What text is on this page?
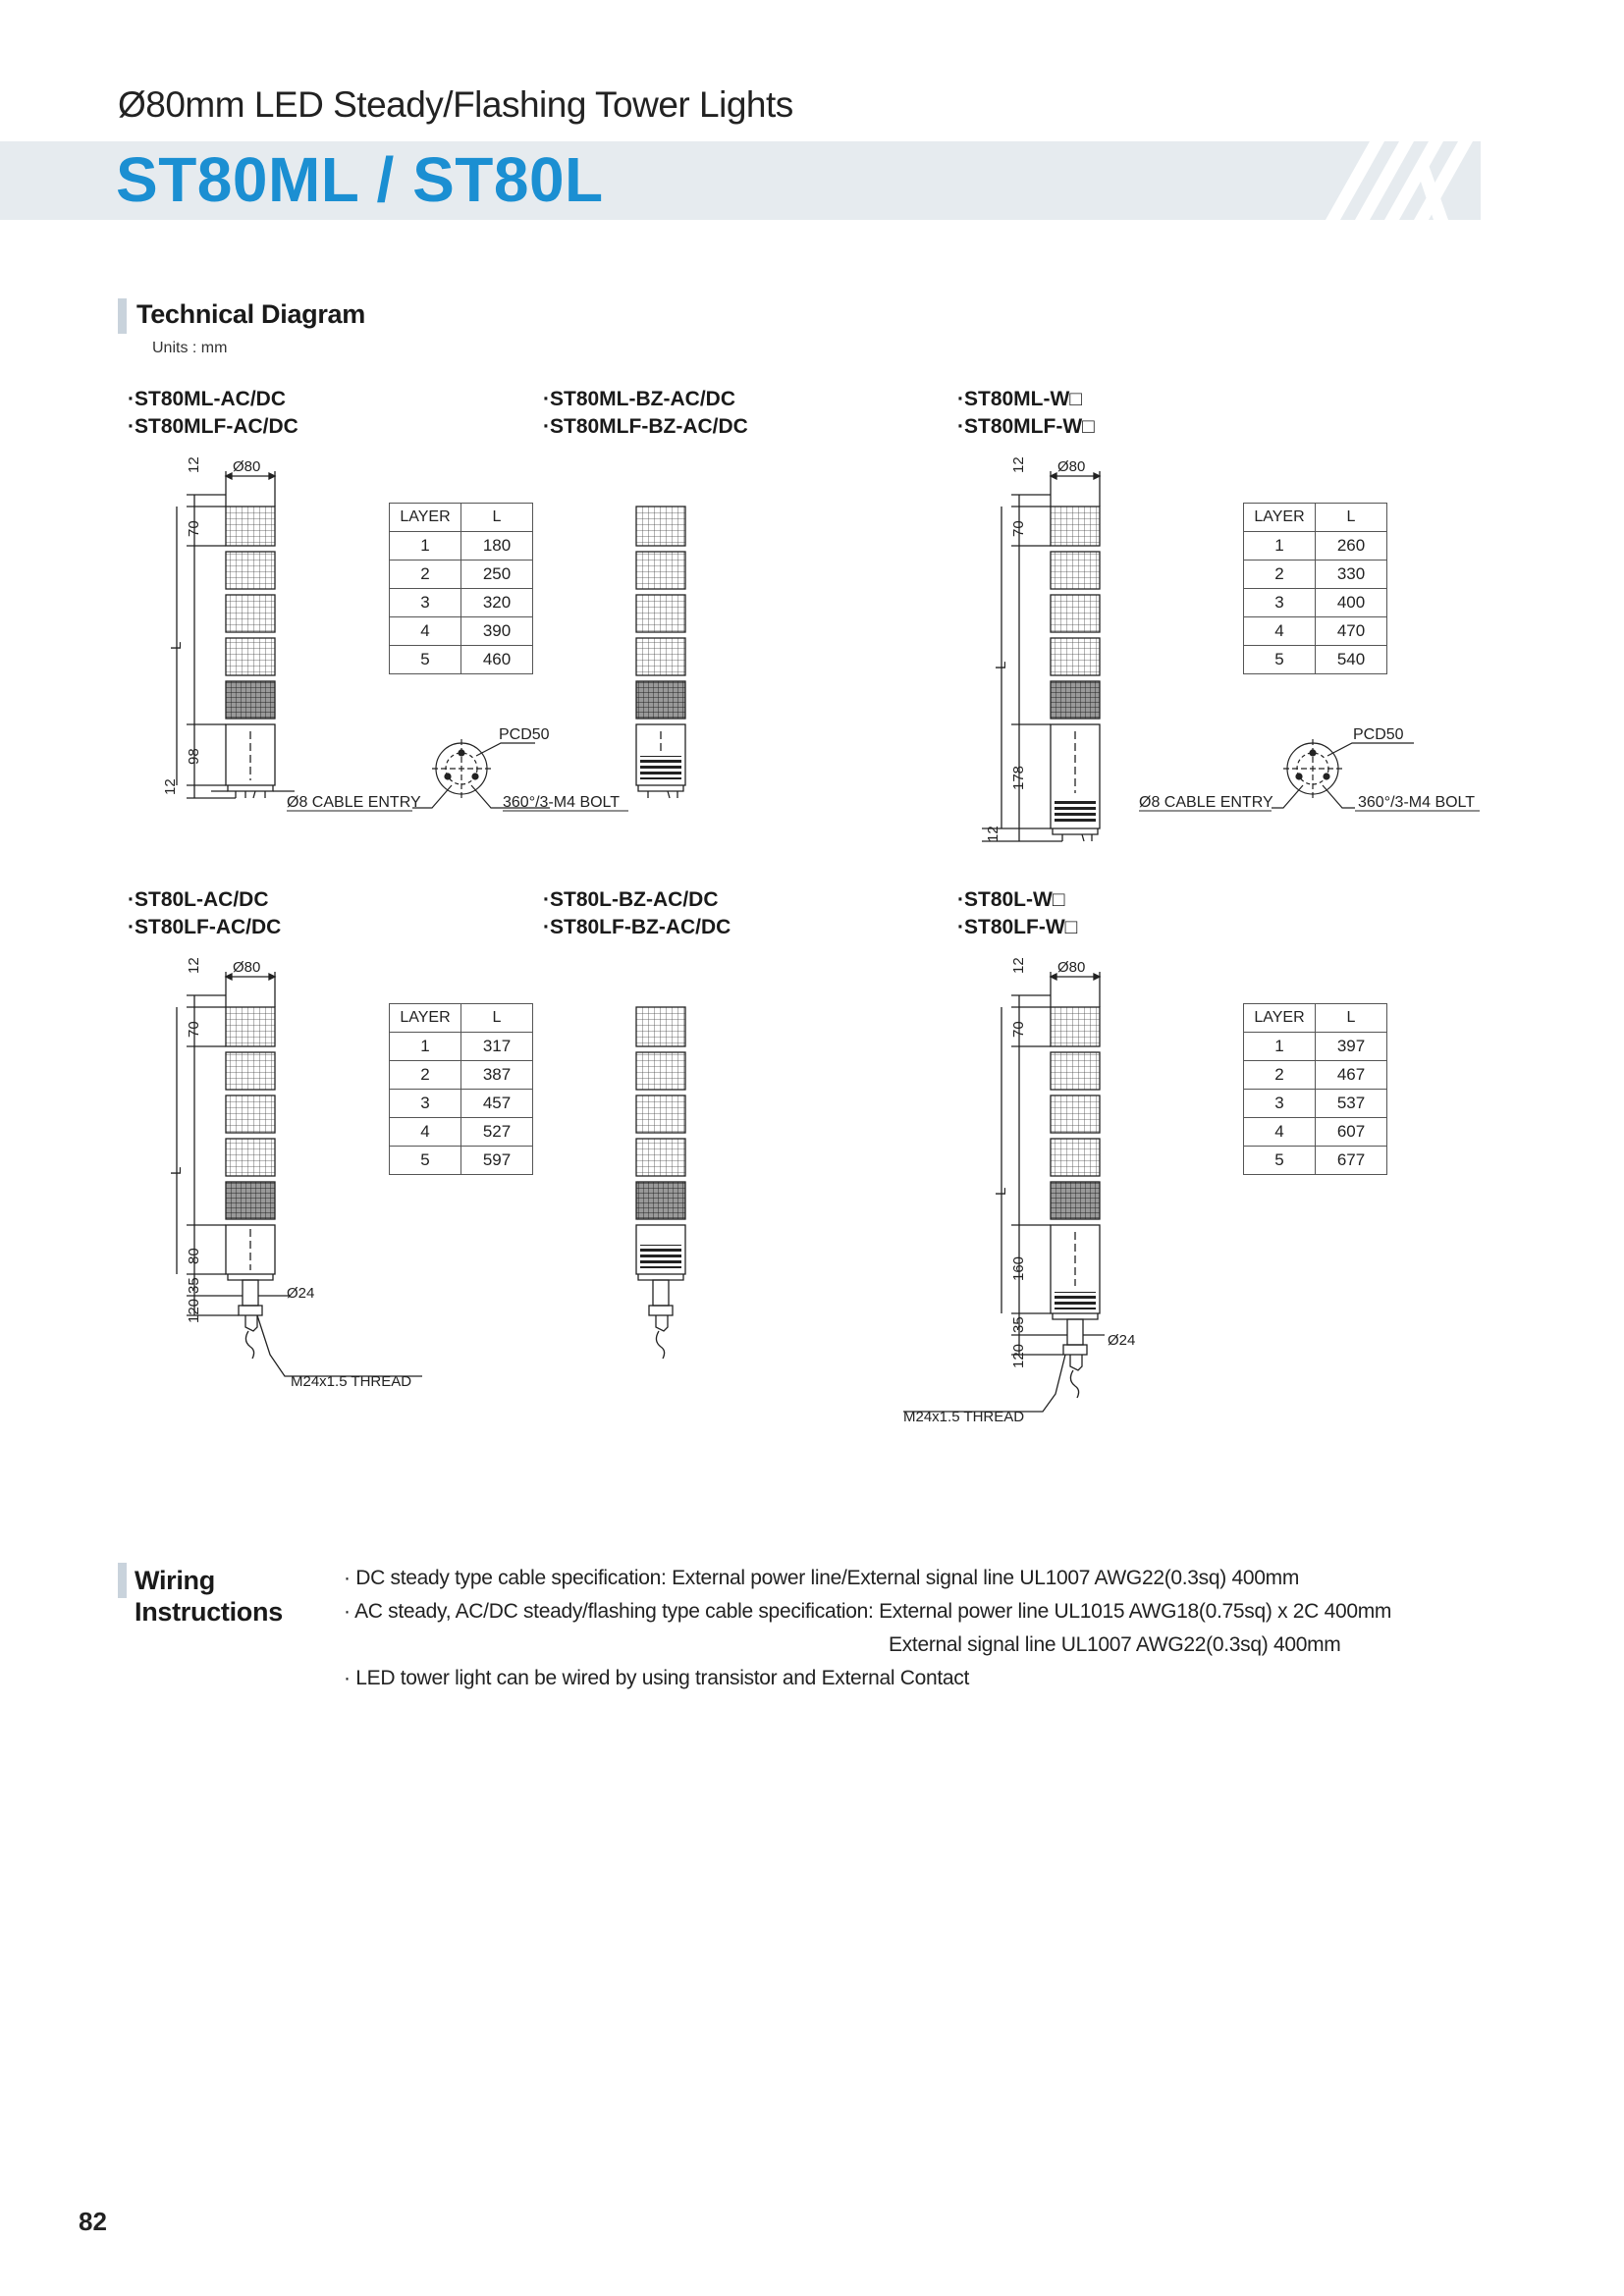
Ø80mm LED Steady/Flashing Tower Lights
ST80ML / ST80L
Technical Diagram
Units : mm
·ST80ML-AC/DC
·ST80MLF-AC/DC
·ST80ML-BZ-AC/DC
·ST80MLF-BZ-AC/DC
·ST80ML-W□
·ST80MLF-W□
·ST80L-AC/DC
·ST80LF-AC/DC
·ST80L-BZ-AC/DC
·ST80LF-BZ-AC/DC
·ST80L-W□
·ST80LF-W□
LAYER	L
1	180
2	250
3	320
4	390
5	460
LAYER	L
1	260
2	330
3	400
4	470
5	540
LAYER	L
1	317
2	387
3	457
4	527
5	597
LAYER	L
1	397
2	467
3	537
4	607
5	677
Ø80
12
70
L
98
12
PCD50
Ø8 CABLE ENTRY	360°/3-M4 BOLT
Ø80
12
70
L
178
12
PCD50
Ø8 CABLE ENTRY	360°/3-M4 BOLT
Ø80
12
70
L
80
35
120
Ø24
M24x1.5 THREAD
Ø80
12
70
L
160
35
120
Ø24
M24x1.5 THREAD
Wiring
Instructions
· DC steady type cable specification: External power line/External signal line UL1007 AWG22(0.3sq) 400mm
· AC steady, AC/DC steady/flashing type cable specification: External power line UL1015 AWG18(0.75sq) x 2C 400mm
External signal line UL1007 AWG22(0.3sq) 400mm
· LED tower light can be wired by using transistor and External Contact
82
